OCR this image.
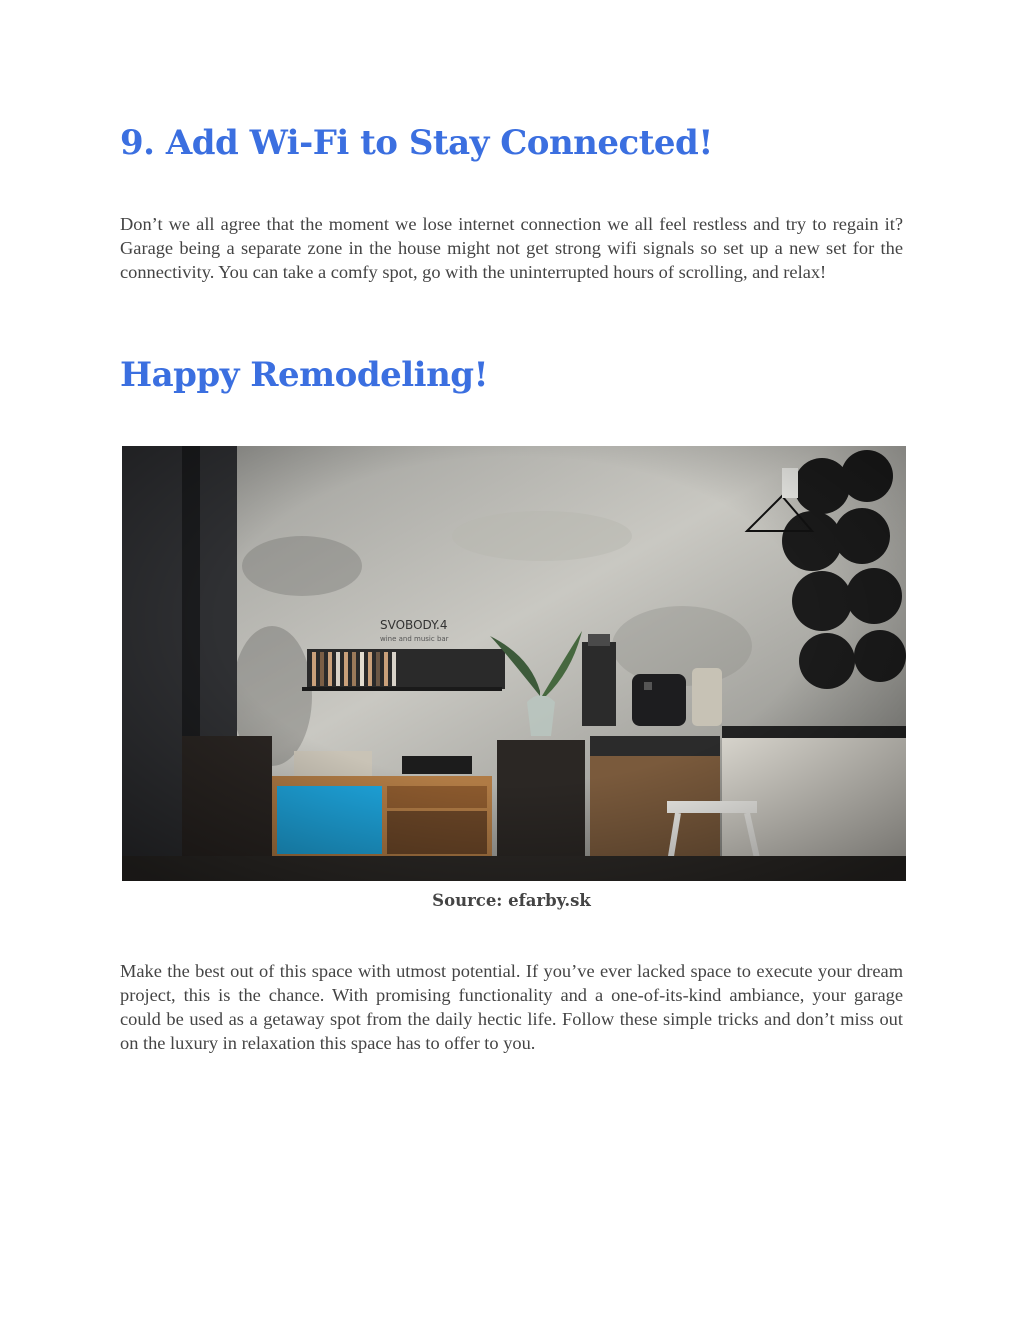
9. Add Wi-Fi to Stay Connected!

Don’t we all agree that the moment we lose internet connection we all feel restless and try to regain it? Garage being a separate zone in the house might not get strong wifi signals so set up a new set for the connectivity. You can take a comfy spot, go with the uninterrupted hours of scrolling, and relax!

Happy Remodeling!
Source: efarby.sk

Make the best out of this space with utmost potential. If you’ve ever lacked space to execute your dream project, this is the chance. With promising functionality and a one-of-its-kind ambiance, your garage could be used as a getaway spot from the daily hectic life. Follow these simple tricks and don’t miss out on the luxury in relaxation this space has to offer to you.
